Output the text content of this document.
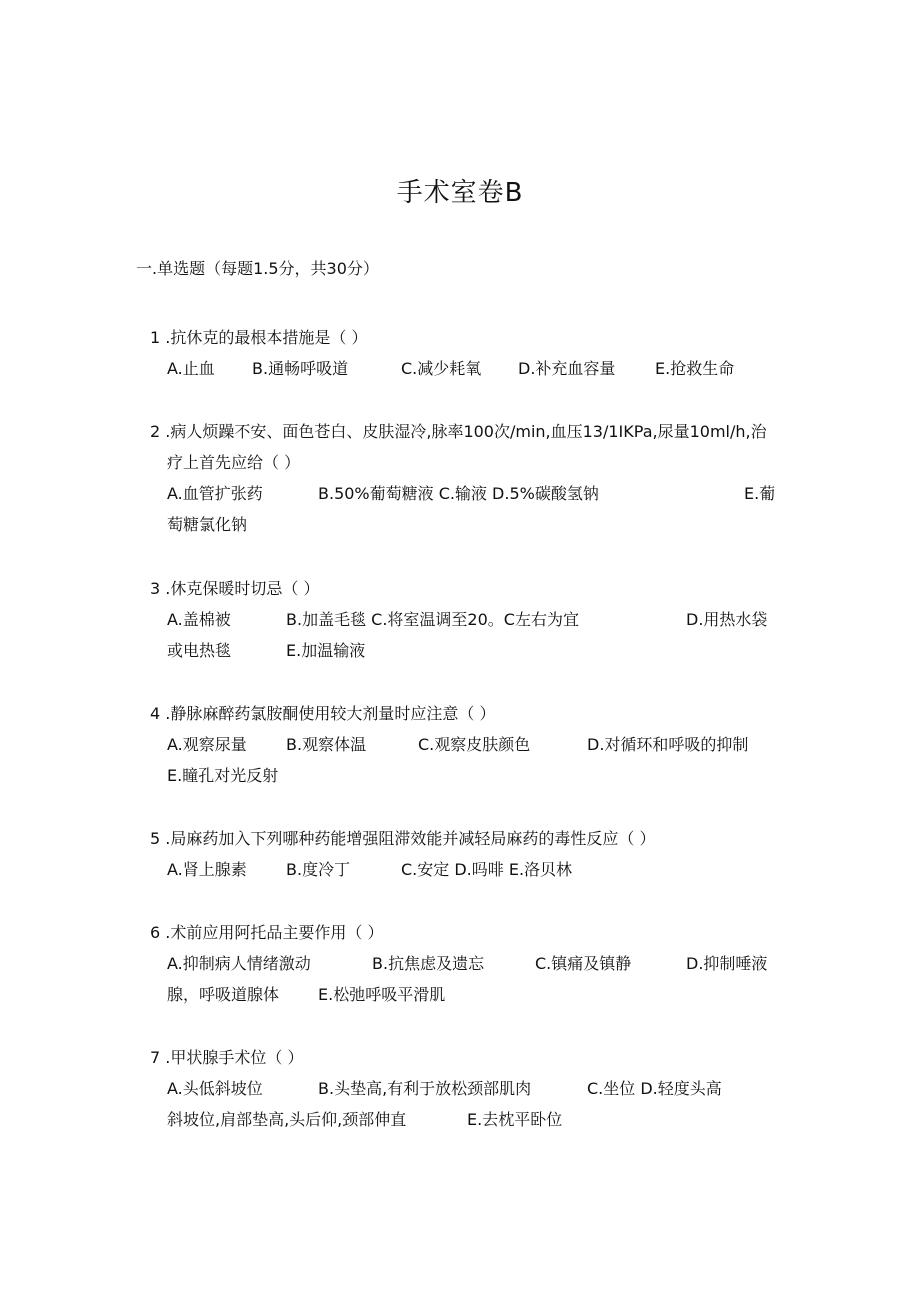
手术室卷B
一.单选题（每题1.5分，共30分）
1 .抗休克的最根本措施是（ ）
A.止血 B.通畅呼吸道	C.减少耗氧 D.补充血容量 E.抢救生命
2 .病人烦躁不安、面色苍白、皮肤湿冷,脉率100次/min,血压13/1IKPa,尿量10ml/h,治
疗上首先应给（ ）
A.血管扩张药	B.50%葡萄糖液 C.输液 D.5%碳酸氢钠	E.葡
萄糖氯化钠
3 .休克保暖时切忌（ ）
A.盖棉被	B.加盖毛毯 C.将室温调至20。C左右为宜	D.用热水袋
或电热毯	E.加温输液
4 .静脉麻醉药氯胺酮使用较大剂量时应注意（ ）
A.观察尿量 B.观察体温	C.观察皮肤颜色	D.对循环和呼吸的抑制
E.瞳孔对光反射
5 .局麻药加入下列哪种药能增强阻滞效能并减轻局麻药的毒性反应（ ）
A.肾上腺素 B.度冷丁	C.安定 D.吗啡 E.洛贝林
6 .术前应用阿托品主要作用（ ）
A.抑制病人情绪激动	B.抗焦虑及遗忘	C.镇痛及镇静	D.抑制唾液
腺，呼吸道腺体 E.松弛呼吸平滑肌
7 .甲状腺手术位（ ）
A.头低斜坡位	B.头垫高,有利于放松颈部肌肉	C.坐位 D.轻度头高
斜坡位,肩部垫高,头后仰,颈部伸直	E.去枕平卧位
